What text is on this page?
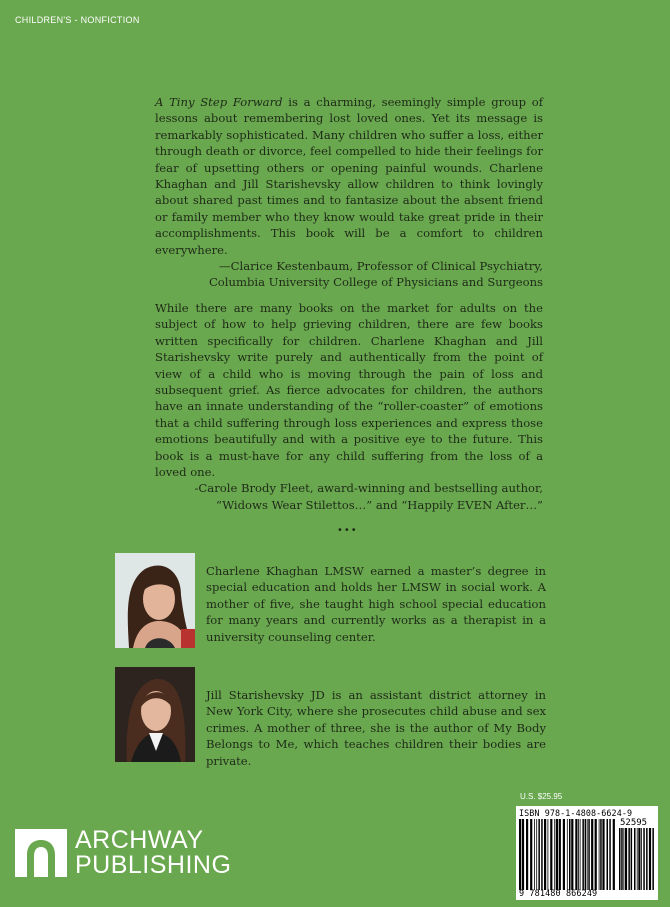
CHILDREN'S - NONFICTION

A Tiny Step Forward is a charming, seemingly simple group of lessons about remembering lost loved ones. Yet its message is remarkably sophisticated. Many children who suffer a loss, either through death or divorce, feel compelled to hide their feelings for fear of upsetting others or opening painful wounds. Charlene Khaghan and Jill Starishevsky allow children to think lovingly about shared past times and to fantasize about the absent friend or family member who they know would take great pride in their accomplishments. This book will be a comfort to children everywhere.

—Clarice Kestenbaum, Professor of Clinical Psychiatry,
Columbia University College of Physicians and Surgeons

While there are many books on the market for adults on the subject of how to help grieving children, there are few books written specifically for children. Charlene Khaghan and Jill Starishevsky write purely and authentically from the point of view of a child who is moving through the pain of loss and subsequent grief. As fierce advocates for children, the authors have an innate understanding of the “roller-coaster” of emotions that a child suffering through loss experiences and express those emotions beautifully and with a positive eye to the future. This book is a must-have for any child suffering from the loss of a loved one.

-Carole Brody Fleet, award-winning and bestselling author,
“Widows Wear Stilettos…” and “Happily EVEN After…”
•••
Charlene Khaghan LMSW earned a master’s degree in special education and holds her LMSW in social work. A mother of five, she taught high school special education for many years and currently works as a therapist in a university counseling center.
Jill Starishevsky JD is an assistant district attorney in New York City, where she prosecutes child abuse and sex crimes. A mother of three, she is the author of My Body Belongs to Me, which teaches children their bodies are private.
ARCHWAY
PUBLISHING
U.S. $25.95
ISBN 978-1-4808-6624-9
52595
9 781480 866249
